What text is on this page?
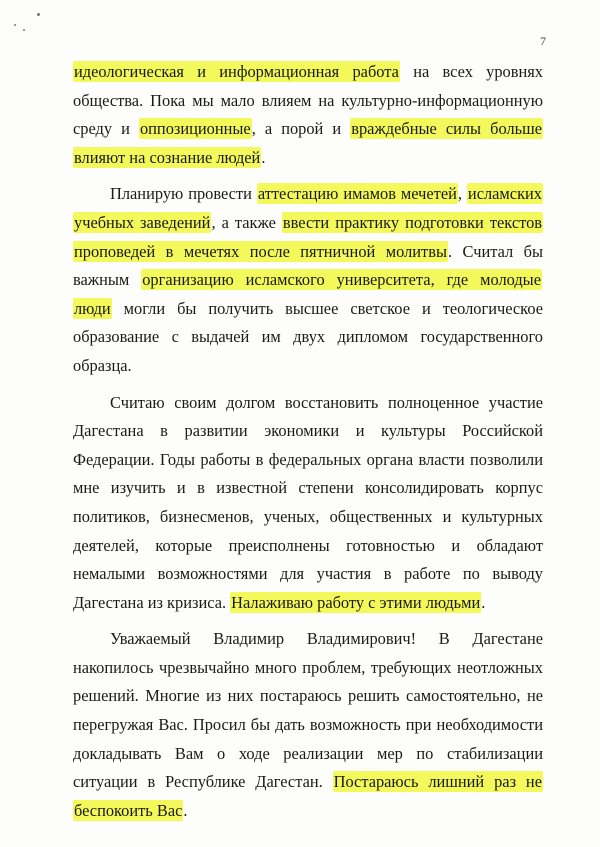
7

идеологическая и информационная работа на всех уровнях общества. Пока мы мало влияем на культурно-информационную среду и оппозиционные, а порой и враждебные силы больше влияют на сознание людей.

Планирую провести аттестацию имамов мечетей, исламских учебных заведений, а также ввести практику подготовки текстов проповедей в мечетях после пятничной молитвы. Считал бы важным организацию исламского университета, где молодые люди могли бы получить высшее светское и теологическое образование с выдачей им двух дипломом государственного образца.

Считаю своим долгом восстановить полноценное участие Дагестана в развитии экономики и культуры Российской Федерации. Годы работы в федеральных органа власти позволили мне изучить и в известной степени консолидировать корпус политиков, бизнесменов, ученых, общественных и культурных деятелей, которые преисполнены готовностью и обладают немалыми возможностями для участия в работе по выводу Дагестана из кризиса. Налаживаю работу с этими людьми.

Уважаемый Владимир Владимирович! В Дагестане накопилось чрезвычайно много проблем, требующих неотложных решений. Многие из них постараюсь решить самостоятельно, не перегружая Вас. Просил бы дать возможность при необходимости докладывать Вам о ходе реализации мер по стабилизации ситуации в Республике Дагестан. Постараюсь лишний раз не беспокоить Вас.
